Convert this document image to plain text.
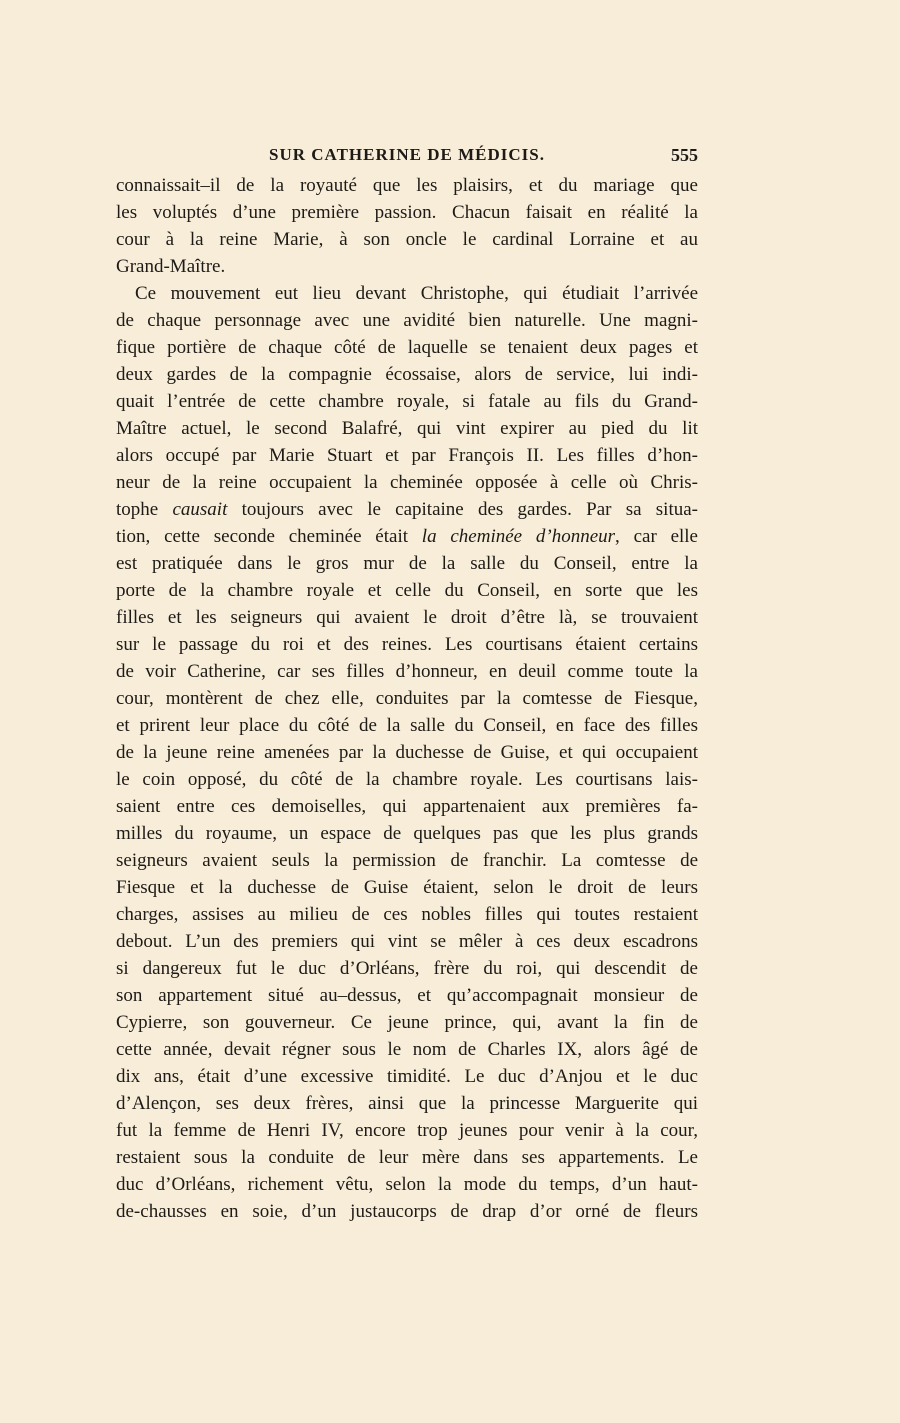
SUR CATHERINE DE MÉDICIS.	555
connaissait–il de la royauté que les plaisirs, et du mariage que
les voluptés d’une première passion. Chacun faisait en réalité la
cour à la reine Marie, à son oncle le cardinal Lorraine et au
Grand-Maître.
Ce mouvement eut lieu devant Christophe, qui étudiait l’arrivée
de chaque personnage avec une avidité bien naturelle. Une magni-
fique portière de chaque côté de laquelle se tenaient deux pages et
deux gardes de la compagnie écossaise, alors de service, lui indi-
quait l’entrée de cette chambre royale, si fatale au fils du Grand-
Maître actuel, le second Balafré, qui vint expirer au pied du lit
alors occupé par Marie Stuart et par François II. Les filles d’hon-
neur de la reine occupaient la cheminée opposée à celle où Chris-
tophe causait toujours avec le capitaine des gardes. Par sa situa-
tion, cette seconde cheminée était la cheminée d’honneur, car elle
est pratiquée dans le gros mur de la salle du Conseil, entre la
porte de la chambre royale et celle du Conseil, en sorte que les
filles et les seigneurs qui avaient le droit d’être là, se trouvaient
sur le passage du roi et des reines. Les courtisans étaient certains
de voir Catherine, car ses filles d’honneur, en deuil comme toute la
cour, montèrent de chez elle, conduites par la comtesse de Fiesque,
et prirent leur place du côté de la salle du Conseil, en face des filles
de la jeune reine amenées par la duchesse de Guise, et qui occupaient
le coin opposé, du côté de la chambre royale. Les courtisans lais-
saient entre ces demoiselles, qui appartenaient aux premières fa-
milles du royaume, un espace de quelques pas que les plus grands
seigneurs avaient seuls la permission de franchir. La comtesse de
Fiesque et la duchesse de Guise étaient, selon le droit de leurs
charges, assises au milieu de ces nobles filles qui toutes restaient
debout. L’un des premiers qui vint se mêler à ces deux escadrons
si dangereux fut le duc d’Orléans, frère du roi, qui descendit de
son appartement situé au–dessus, et qu’accompagnait monsieur de
Cypierre, son gouverneur. Ce jeune prince, qui, avant la fin de
cette année, devait régner sous le nom de Charles IX, alors âgé de
dix ans, était d’une excessive timidité. Le duc d’Anjou et le duc
d’Alençon, ses deux frères, ainsi que la princesse Marguerite qui
fut la femme de Henri IV, encore trop jeunes pour venir à la cour,
restaient sous la conduite de leur mère dans ses appartements. Le
duc d’Orléans, richement vêtu, selon la mode du temps, d’un haut-
de-chausses en soie, d’un justaucorps de drap d’or orné de fleurs
